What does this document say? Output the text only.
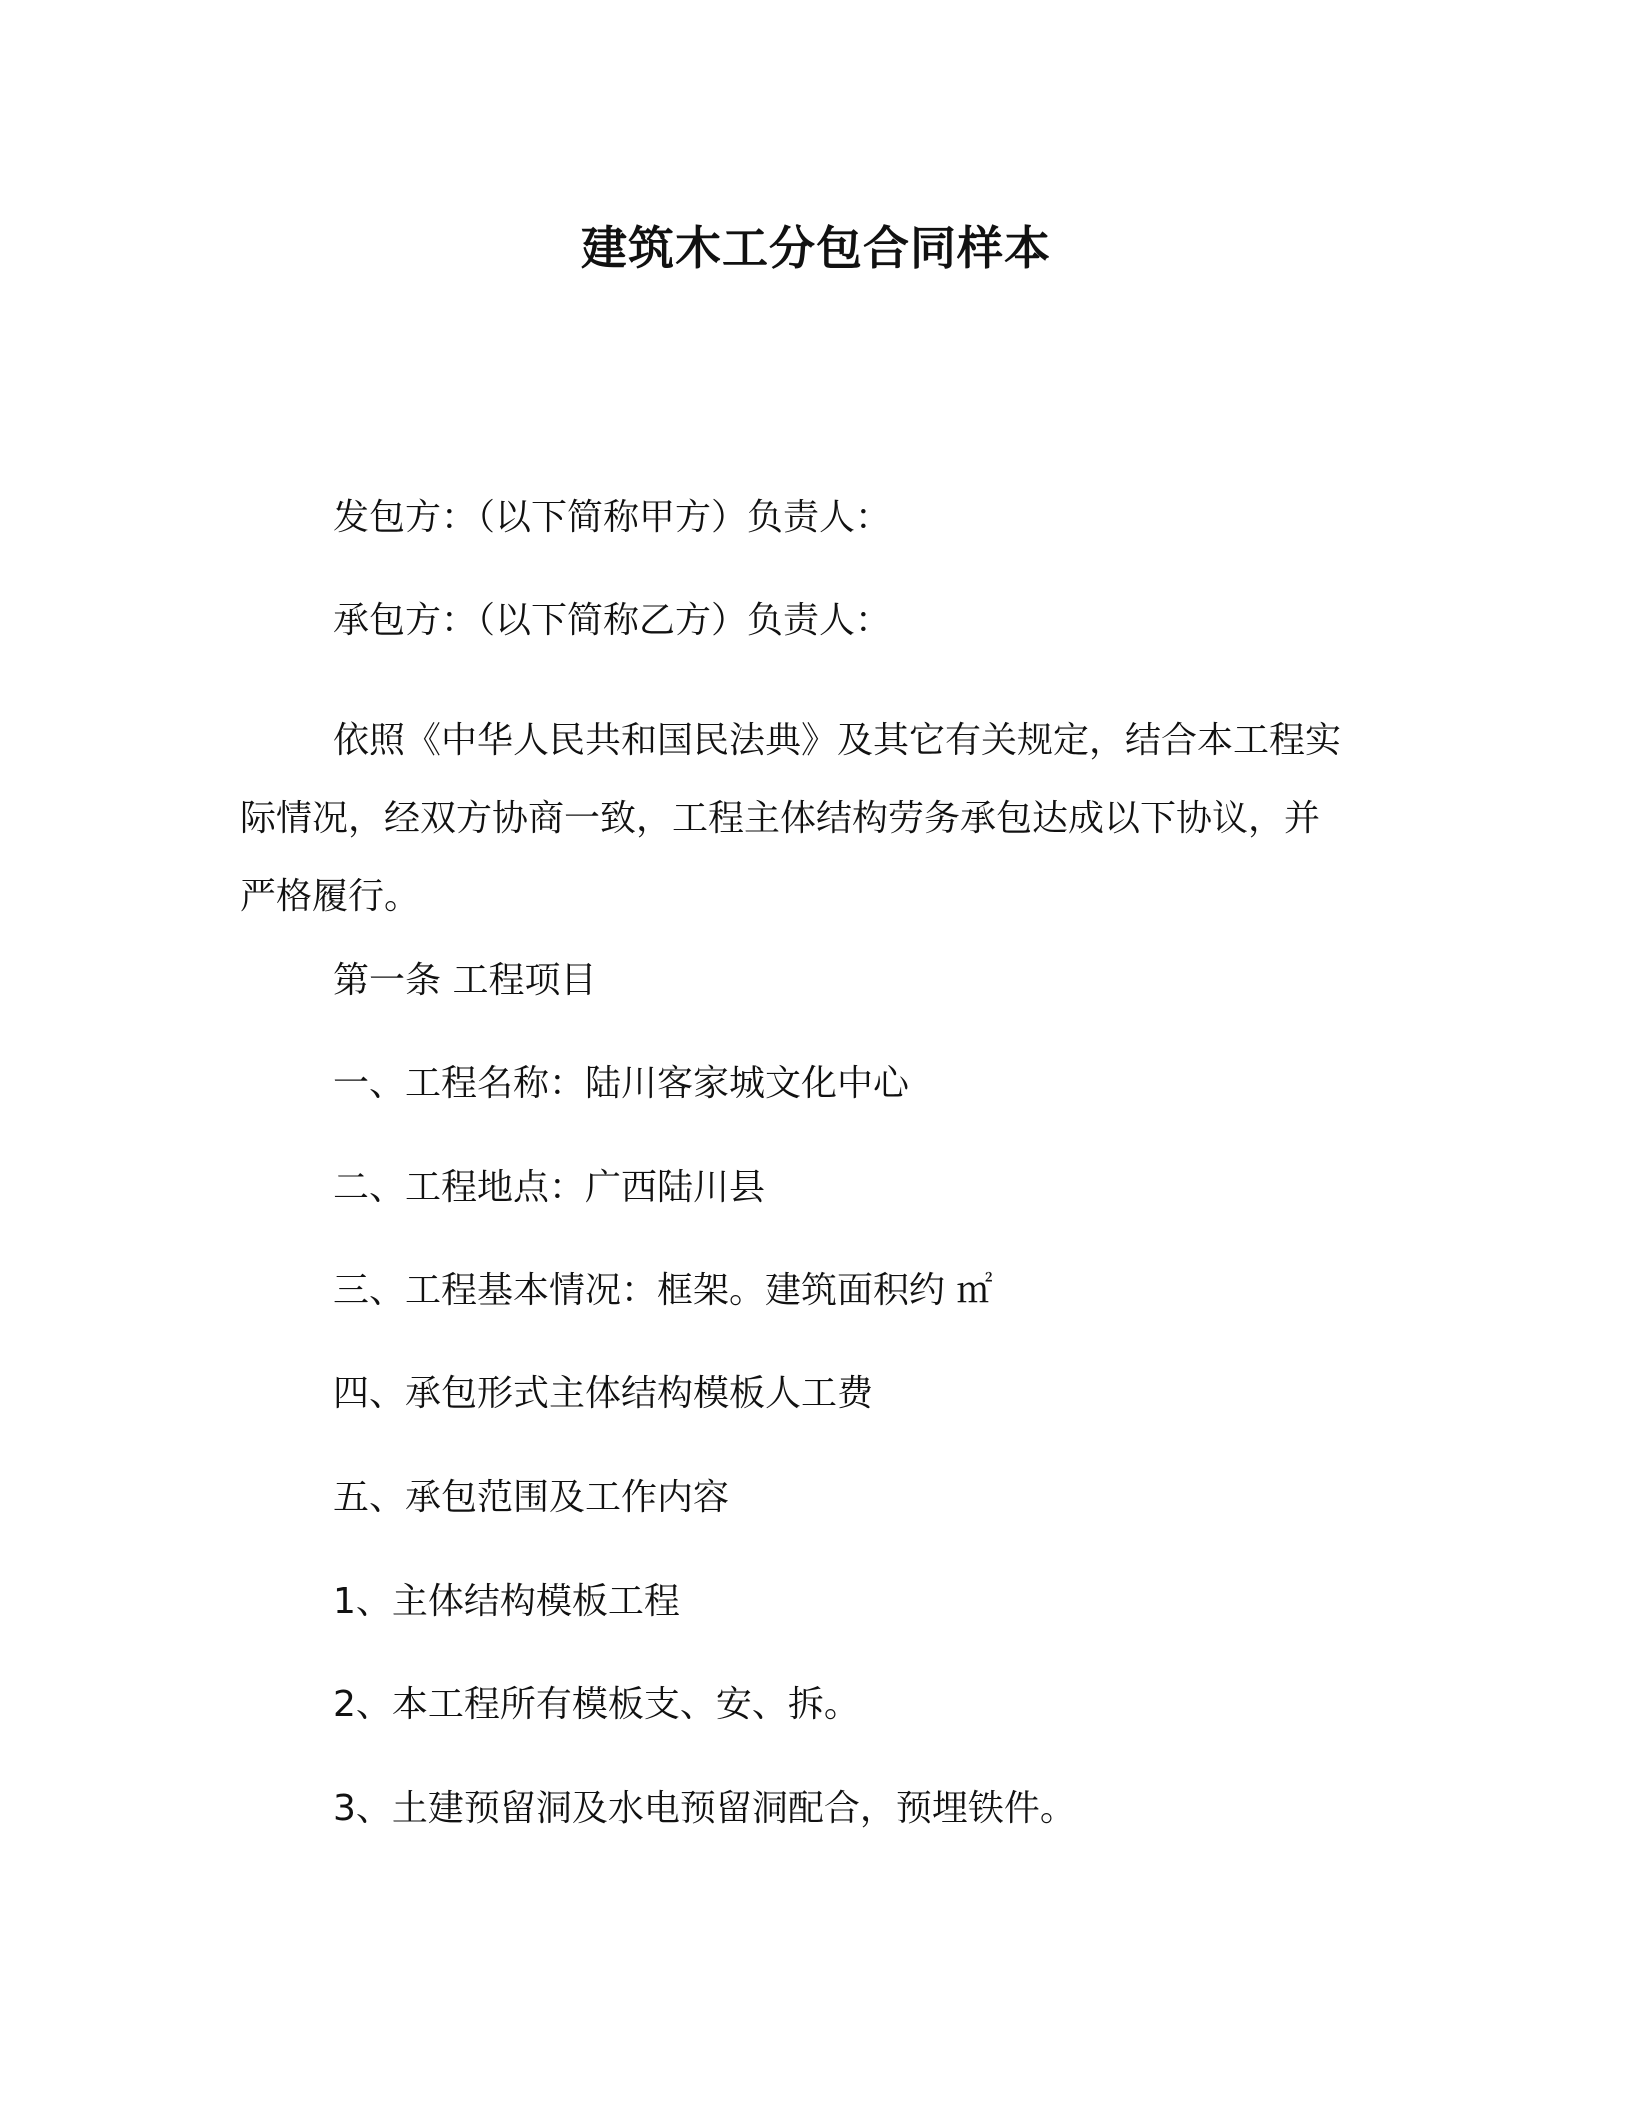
建筑木工分包合同样本
发包方：（以下简称甲方）负责人：
承包方：（以下简称乙方）负责人：
依照《中华人民共和国民法典》及其它有关规定，结合本工程实
际情况，经双方协商一致，工程主体结构劳务承包达成以下协议，并
严格履行。
第一条 工程项目
一、工程名称：陆川客家城文化中心
二、工程地点：广西陆川县
三、工程基本情况：框架。建筑面积约 ㎡
四、承包形式主体结构模板人工费
五、承包范围及工作内容
1、主体结构模板工程
2、本工程所有模板支、安、拆。
3、土建预留洞及水电预留洞配合，预埋铁件。
